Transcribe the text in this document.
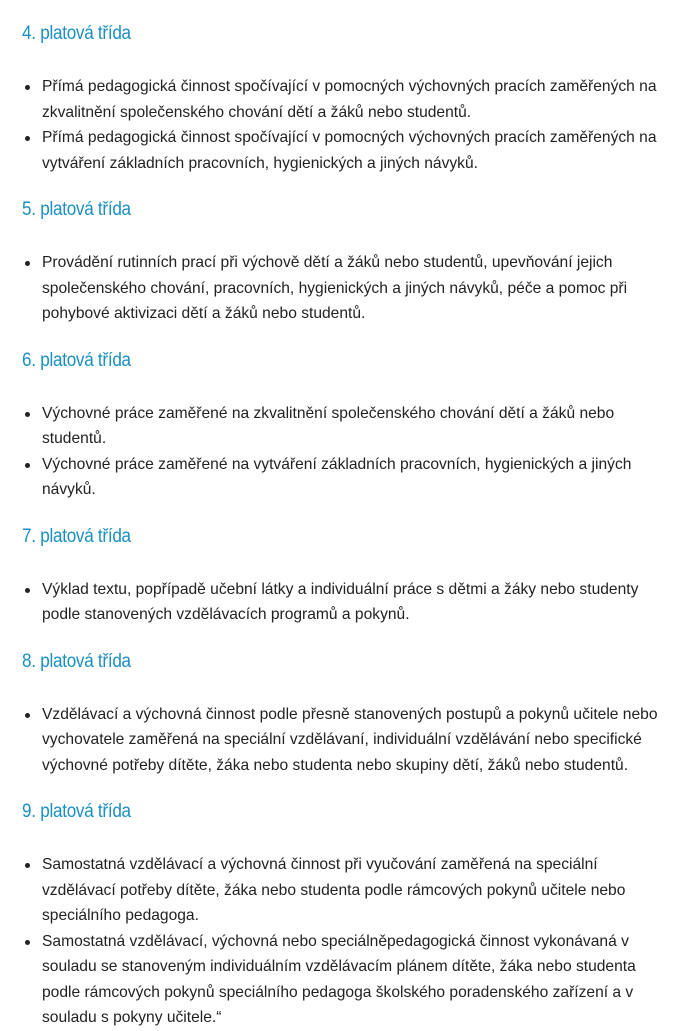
4. platová třída
Přímá pedagogická činnost spočívající v pomocných výchovných pracích zaměřených na zkvalitnění společenského chování dětí a žáků nebo studentů.
Přímá pedagogická činnost spočívající v pomocných výchovných pracích zaměřených na vytváření základních pracovních, hygienických a jiných návyků.
5. platová třída
Provádění rutinních prací při výchově dětí a žáků nebo studentů, upevňování jejich společenského chování, pracovních, hygienických a jiných návyků, péče a pomoc při pohybové aktivizaci dětí a žáků nebo studentů.
6. platová třída
Výchovné práce zaměřené na zkvalitnění společenského chování dětí a žáků nebo studentů.
Výchovné práce zaměřené na vytváření základních pracovních, hygienických a jiných návyků.
7. platová třída
Výklad textu, popřípadě učební látky a individuální práce s dětmi a žáky nebo studenty podle stanovených vzdělávacích programů a pokynů.
8. platová třída
Vzdělávací a výchovná činnost podle přesně stanovených postupů a pokynů učitele nebo vychovatele zaměřená na speciální vzdělávaní, individuální vzdělávání nebo specifické výchovné potřeby dítěte, žáka nebo studenta nebo skupiny dětí, žáků nebo studentů.
9. platová třída
Samostatná vzdělávací a výchovná činnost při vyučování zaměřená na speciální vzdělávací potřeby dítěte, žáka nebo studenta podle rámcových pokynů učitele nebo speciálního pedagoga.
Samostatná vzdělávací, výchovná nebo speciálněpedagogická činnost vykonávaná v souladu se stanoveným individuálním vzdělávacím plánem dítěte, žáka nebo studenta podle rámcových pokynů speciálního pedagoga školského poradenského zařízení a v souladu s pokyny učitele.“
